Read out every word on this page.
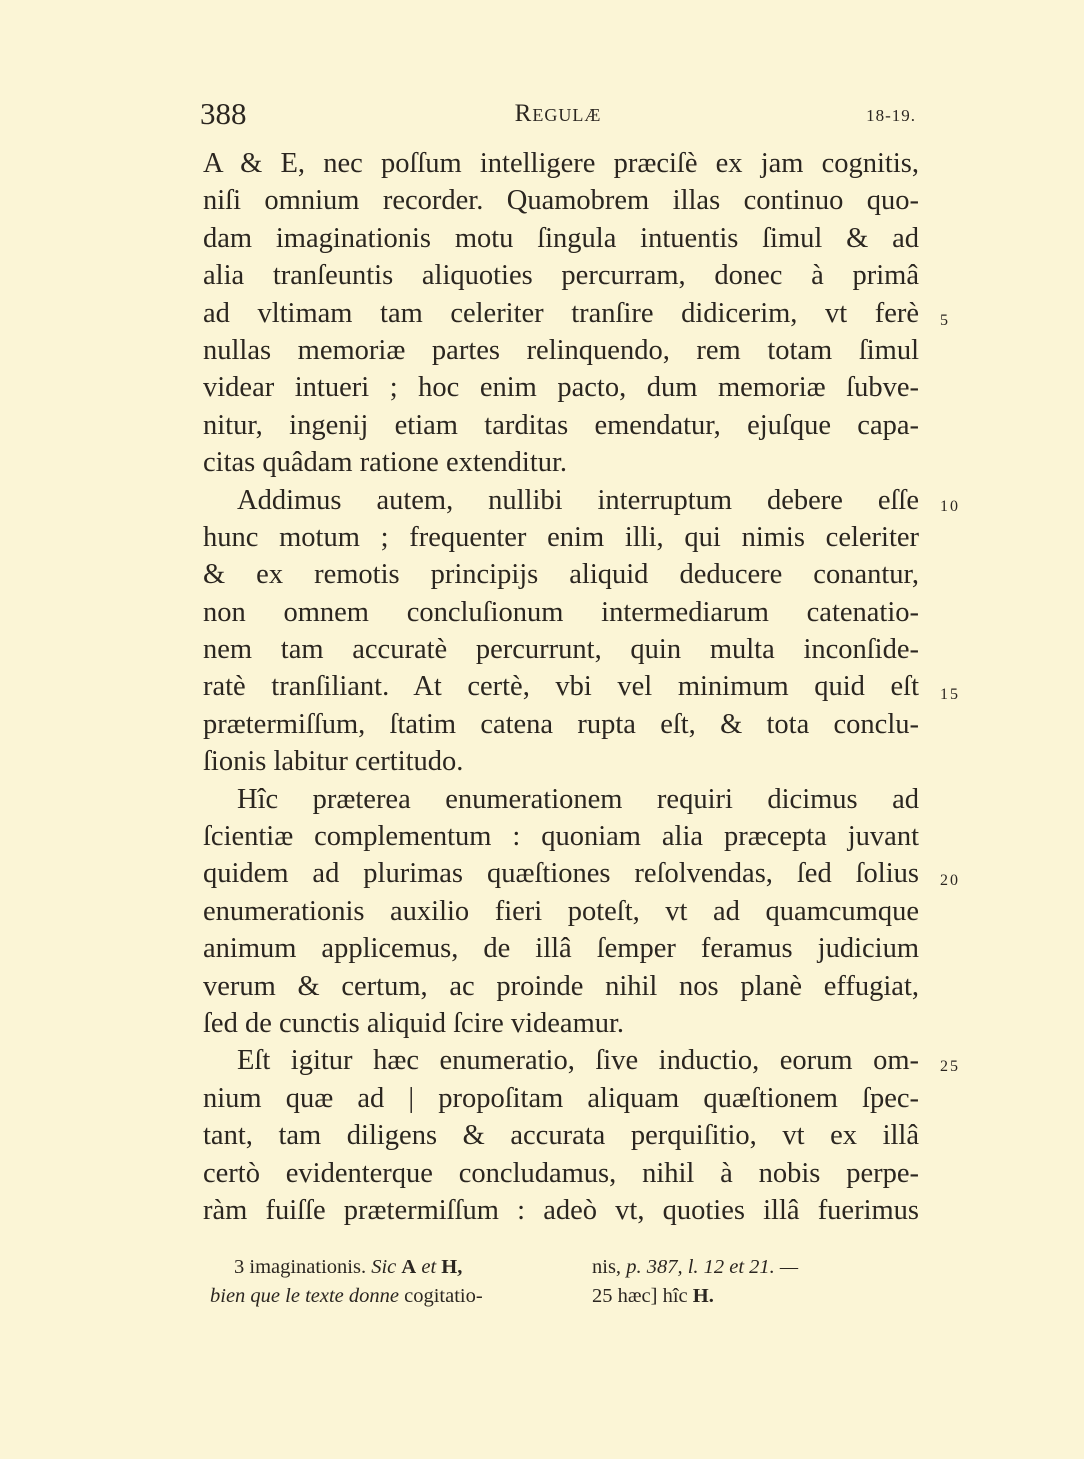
388	Regulæ	18-19.
A & E, nec poſſum intelligere præciſè ex jam cognitis,
niſi omnium recorder. Quamobrem illas continuo quo-
dam imaginationis motu ſingula intuentis ſimul & ad
alia tranſeuntis aliquoties percurram, donec à primâ
ad vltimam tam celeriter tranſire didicerim, vt ferè
nullas memoriæ partes relinquendo, rem totam ſimul
videar intueri ; hoc enim pacto, dum memoriæ ſubve-
nitur, ingenij etiam tarditas emendatur, ejuſque capa-
citas quâdam ratione extenditur.
Addimus autem, nullibi interruptum debere eſſe
hunc motum ; frequenter enim illi, qui nimis celeriter
& ex remotis principijs aliquid deducere conantur,
non omnem concluſionum intermediarum catenatio-
nem tam accuratè percurrunt, quin multa inconſide-
ratè tranſiliant. At certè, vbi vel minimum quid eſt
prætermiſſum, ſtatim catena rupta eſt, & tota conclu-
ſionis labitur certitudo.
Hîc præterea enumerationem requiri dicimus ad
ſcientiæ complementum : quoniam alia præcepta juvant
quidem ad plurimas quæſtiones reſolvendas, ſed ſolius
enumerationis auxilio fieri poteſt, vt ad quamcumque
animum applicemus, de illâ ſemper feramus judicium
verum & certum, ac proinde nihil nos planè effugiat,
ſed de cunctis aliquid ſcire videamur.
Eſt igitur hæc enumeratio, ſive inductio, eorum om-
nium quæ ad | propoſitam aliquam quæſtionem ſpec-
tant, tam diligens & accurata perquiſitio, vt ex illâ
certò evidenterque concludamus, nihil à nobis perpe-
ràm fuiſſe prætermiſſum : adeò vt, quoties illâ fuerimus
5
10
15
20
25
3 imaginationis. Sic A et H,
bien que le texte donne cogitatio-
nis, p. 387, l. 12 et 21. —
25 hæc] hîc H.
